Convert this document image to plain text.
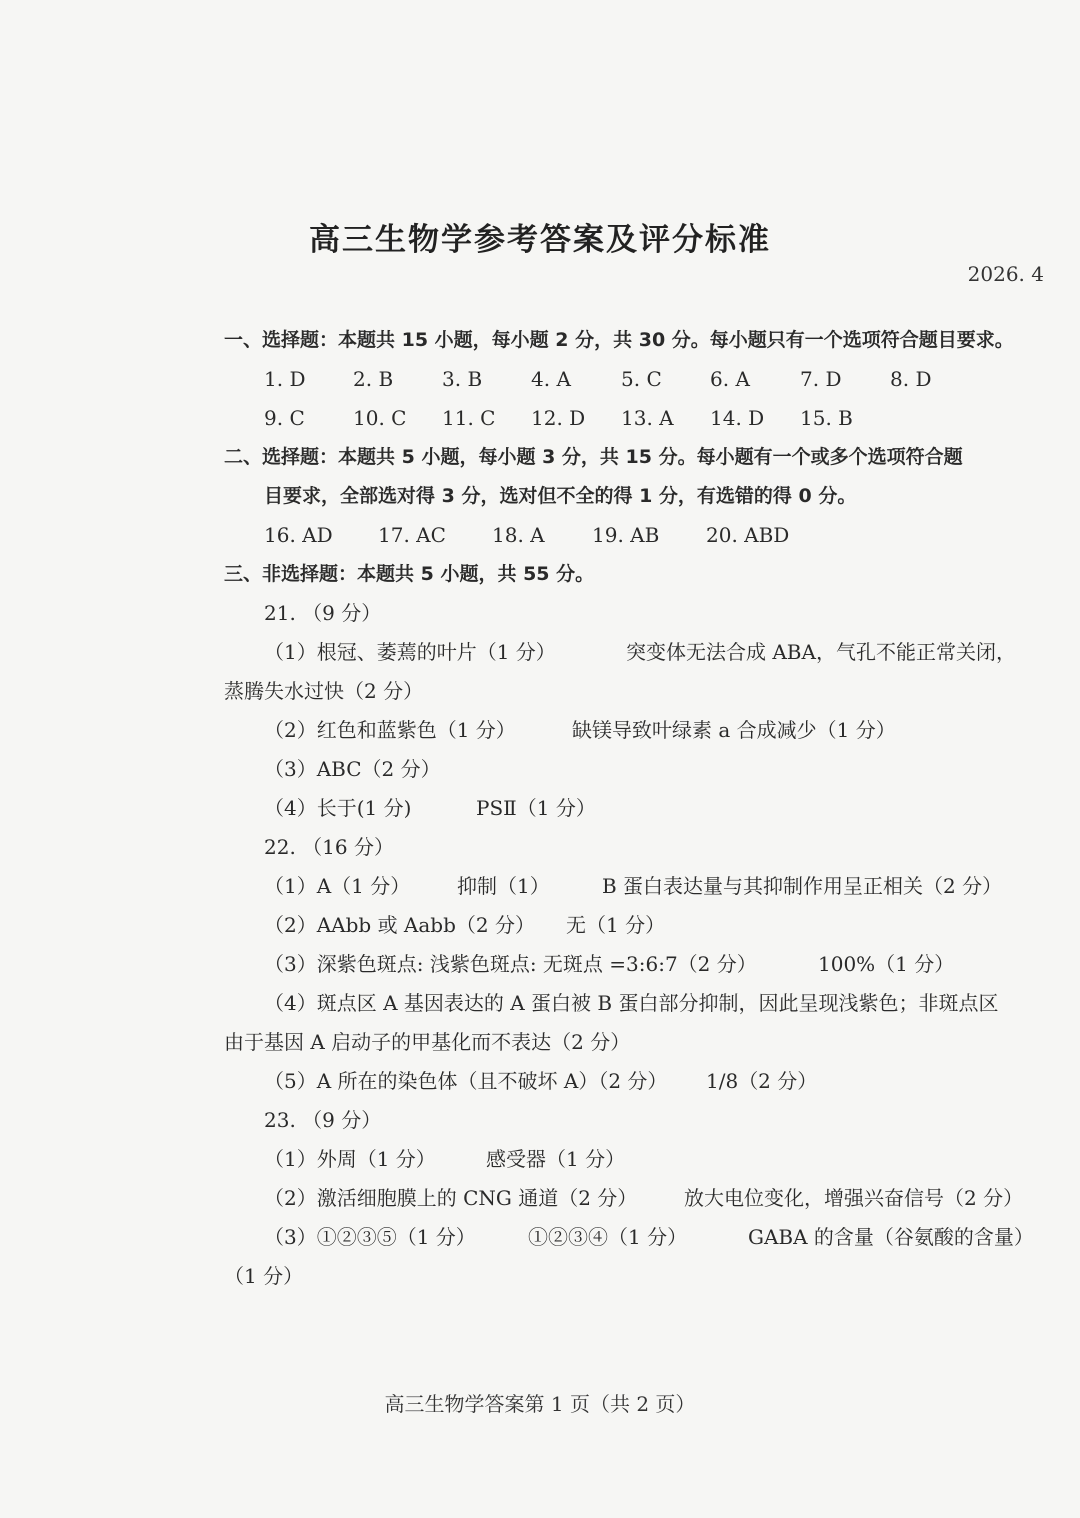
高三生物学参考答案及评分标准
2026. 4
一、选择题：本题共 15 小题，每小题 2 分，共 30 分。每小题只有一个选项符合题目要求。
1. D 2. B 3. B 4. A	5. C 6. A	7. D 8. D
9. C 10. C 11. C 12. D 13. A 14. D 15. B
二、选择题：本题共 5 小题，每小题 3 分，共 15 分。每小题有一个或多个选项符合题
目要求，全部选对得 3 分，选对但不全的得 1 分，有选错的得 0 分。
16. AD 17. AC 18. A 19. AB 20. ABD
三、非选择题：本题共 5 小题，共 55 分。
21. （9 分）
（1）根冠、萎蔫的叶片（1 分）	突变体无法合成 ABA，气孔不能正常关闭，
蒸腾失水过快（2 分）
（2）红色和蓝紫色（1 分）	缺镁导致叶绿素 a 合成减少（1 分）
（3）ABC（2 分）
（4）长于(1 分)	PSⅡ（1 分）
22. （16 分）
（1）A（1 分） 抑制（1）	B 蛋白表达量与其抑制作用呈正相关（2 分）
（2）AAbb 或 Aabb（2 分） 无（1 分）
（3）深紫色斑点: 浅紫色斑点: 无斑点 =3:6:7（2 分）	100%（1 分）
（4）斑点区 A 基因表达的 A 蛋白被 B 蛋白部分抑制，因此呈现浅紫色；非斑点区
由于基因 A 启动子的甲基化而不表达（2 分）
（5）A 所在的染色体（且不破坏 A）（2 分） 1/8（2 分）
23. （9 分）
（1）外周（1 分）	感受器（1 分）
（2）激活细胞膜上的 CNG 通道（2 分） 放大电位变化，增强兴奋信号（2 分）
（3）①②③⑤（1 分）	①②③④（1 分）	GABA 的含量（谷氨酸的含量）
（1 分）
高三生物学答案第 1 页（共 2 页）
